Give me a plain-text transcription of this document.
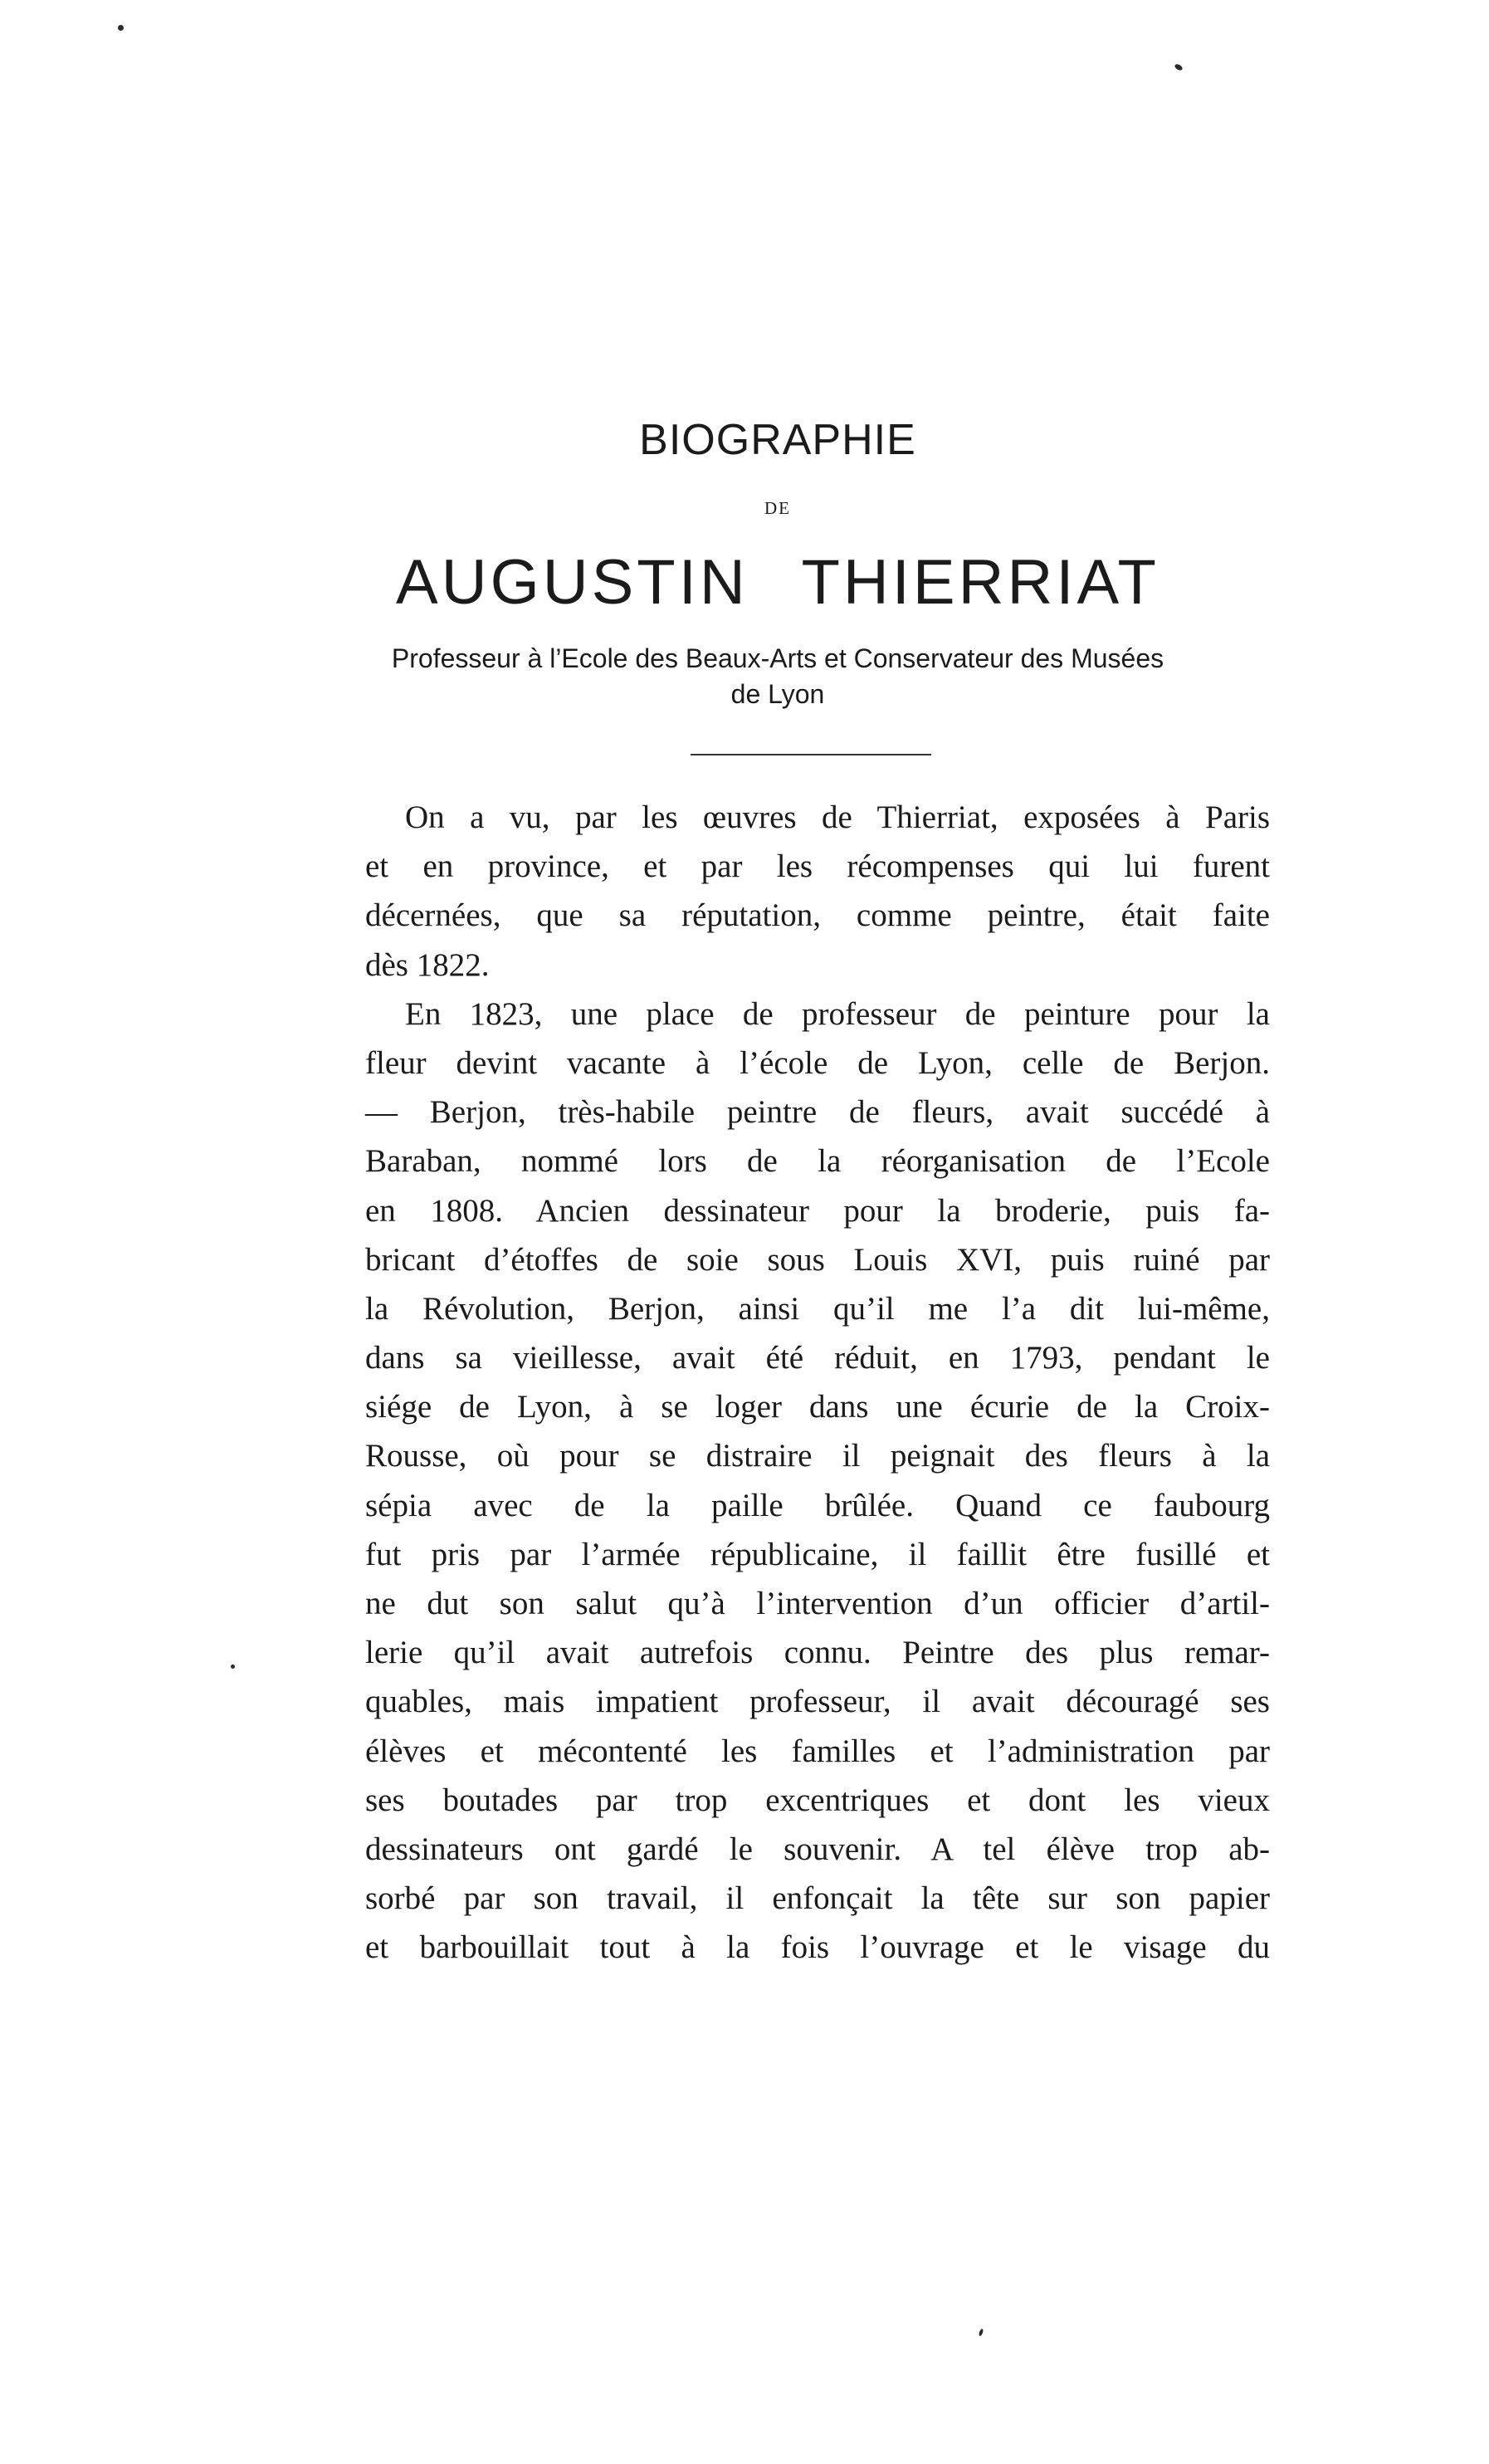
BIOGRAPHIE
DE
AUGUSTIN THIERRIAT
Professeur à l’Ecole des Beaux-Arts et Conservateur des Musées
de Lyon
On a vu, par les œuvres de Thierriat, exposées à Paris
et en province, et par les récompenses qui lui furent
décernées, que sa réputation, comme peintre, était faite
dès 1822.
En 1823, une place de professeur de peinture pour la
fleur devint vacante à l’école de Lyon, celle de Berjon.
— Berjon, très-habile peintre de fleurs, avait succédé à
Baraban, nommé lors de la réorganisation de l’Ecole
en 1808. Ancien dessinateur pour la broderie, puis fa-
bricant d’étoffes de soie sous Louis XVI, puis ruiné par
la Révolution, Berjon, ainsi qu’il me l’a dit lui-même,
dans sa vieillesse, avait été réduit, en 1793, pendant le
siége de Lyon, à se loger dans une écurie de la Croix-
Rousse, où pour se distraire il peignait des fleurs à la
sépia avec de la paille brûlée. Quand ce faubourg
fut pris par l’armée républicaine, il faillit être fusillé et
ne dut son salut qu’à l’intervention d’un officier d’artil-
lerie qu’il avait autrefois connu. Peintre des plus remar-
quables, mais impatient professeur, il avait découragé ses
élèves et mécontenté les familles et l’administration par
ses boutades par trop excentriques et dont les vieux
dessinateurs ont gardé le souvenir. A tel élève trop ab-
sorbé par son travail, il enfonçait la tête sur son papier
et barbouillait tout à la fois l’ouvrage et le visage du
